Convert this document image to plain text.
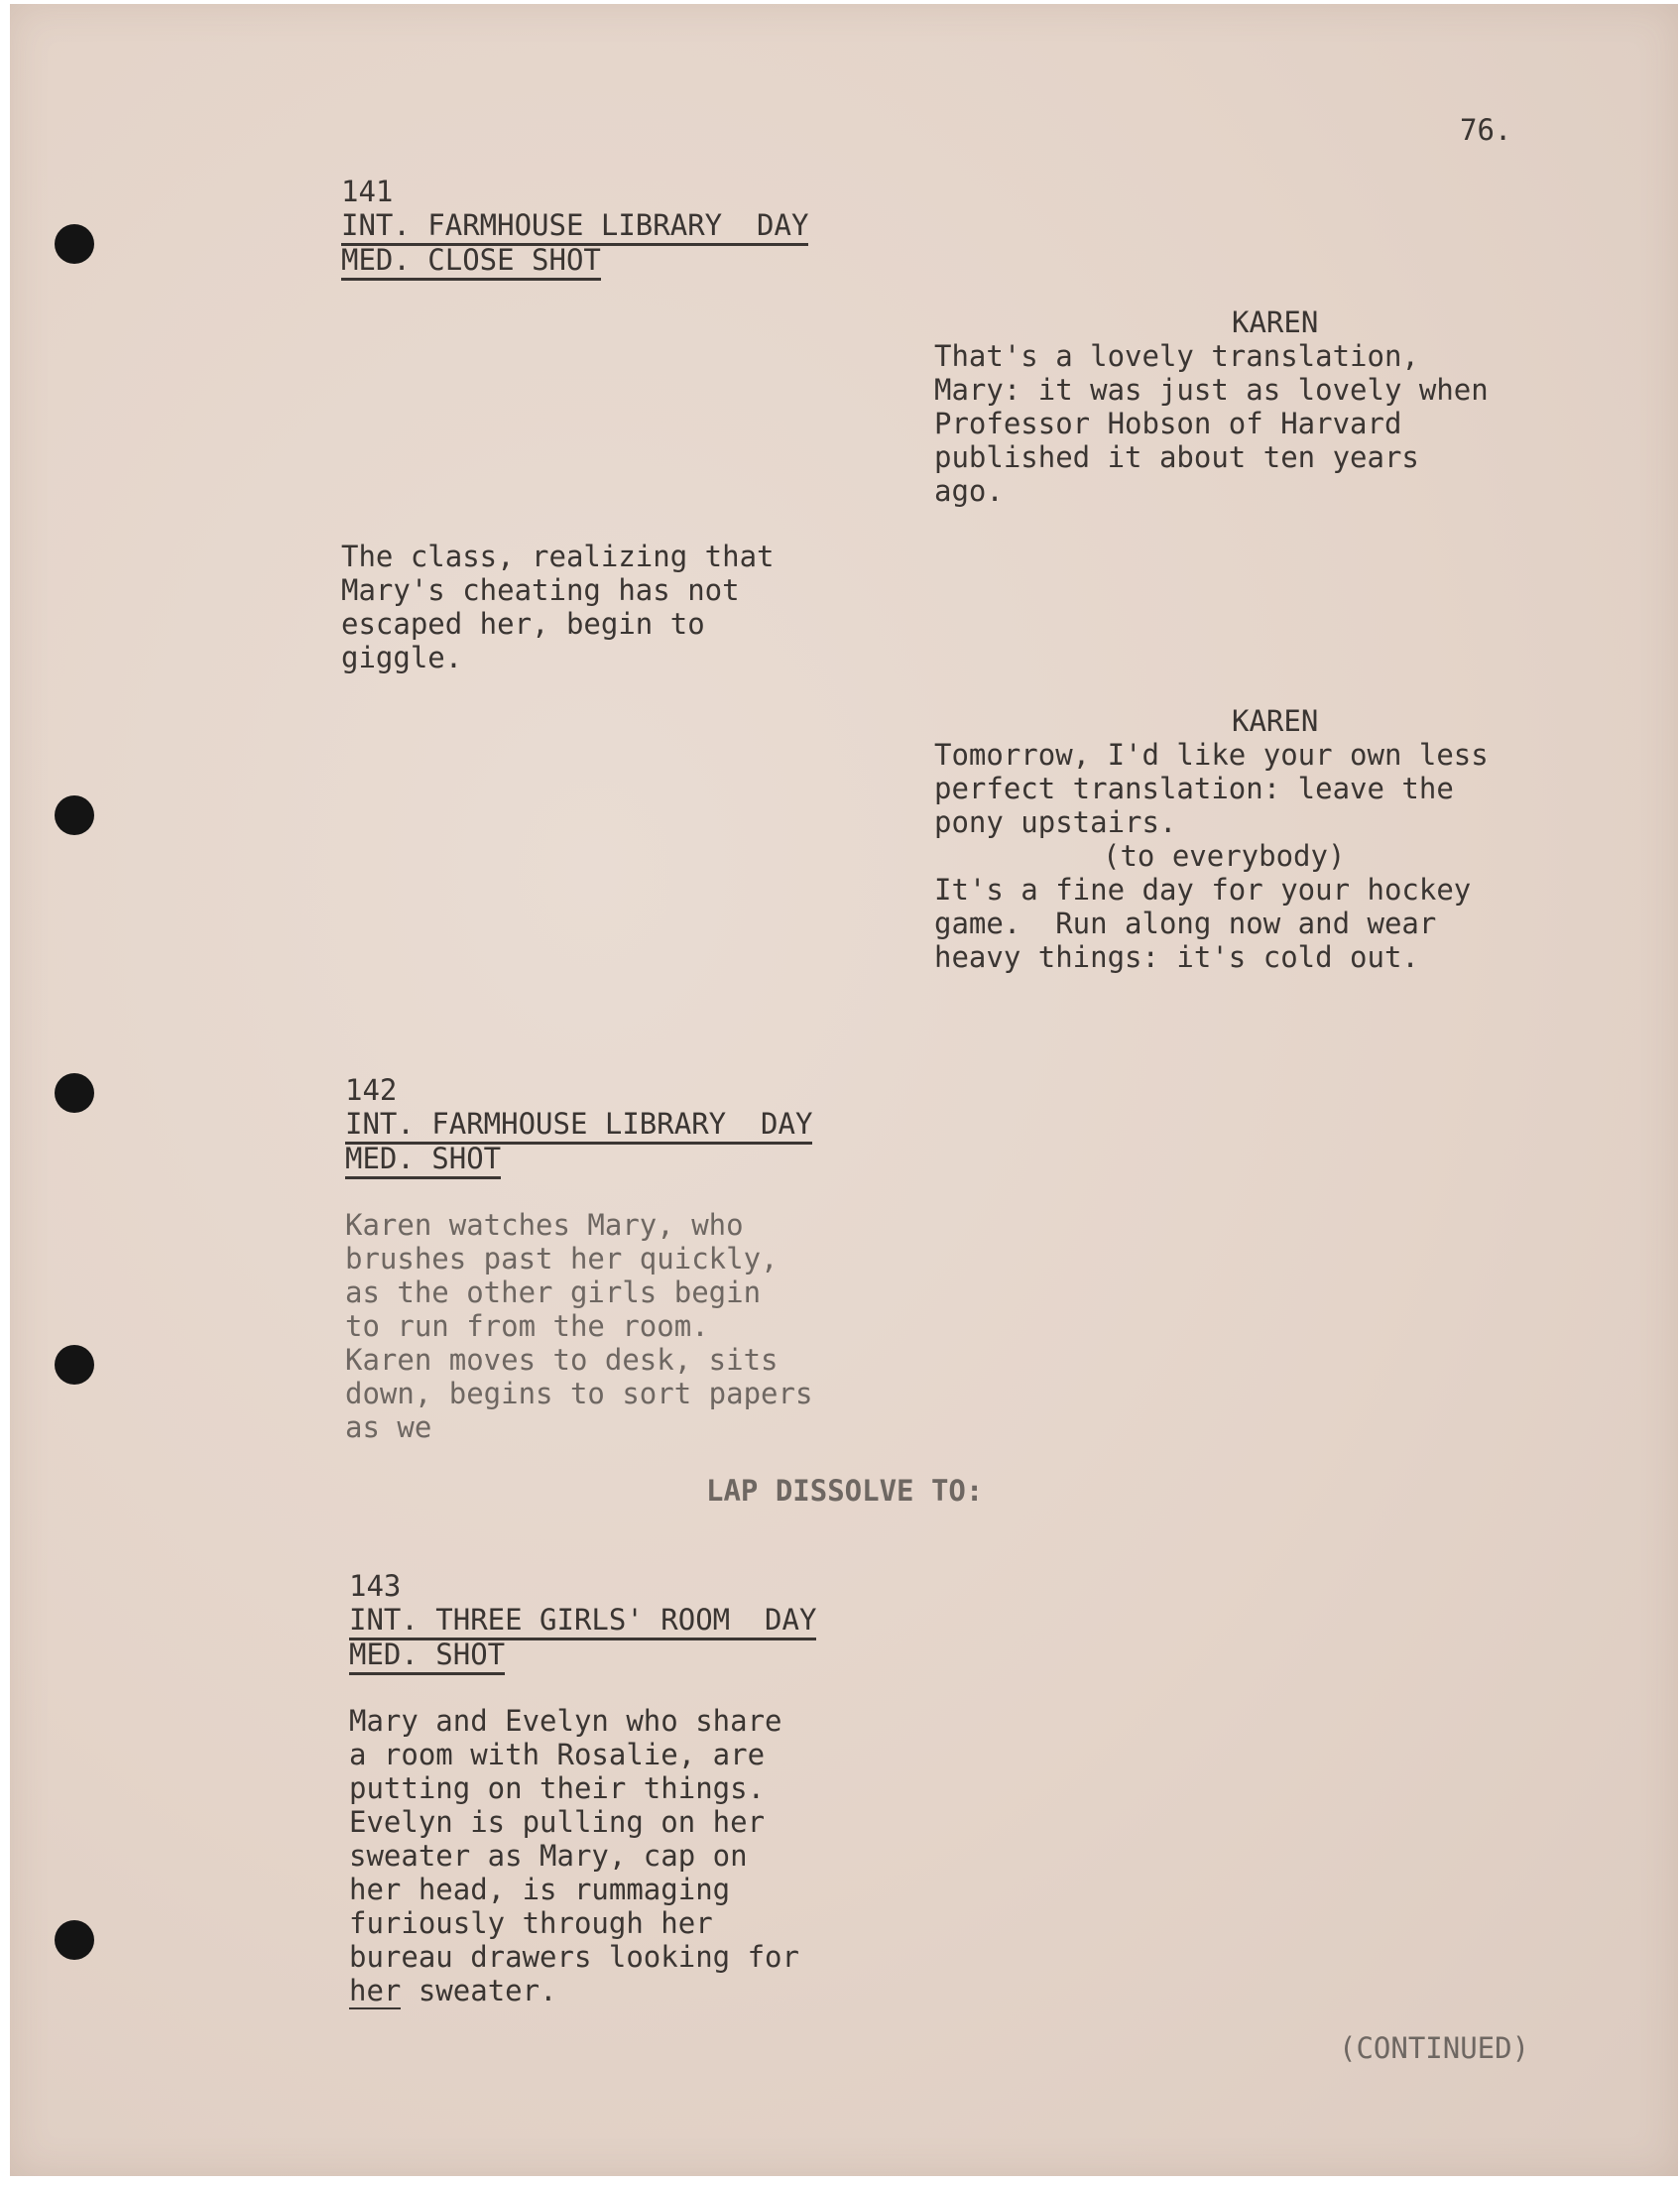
76.
141
INT. FARMHOUSE LIBRARY  DAY
MED. CLOSE SHOT
KAREN

That's a lovely translation,

Mary: it was just as lovely when

Professor Hobson of Harvard

published it about ten years

ago.

The class, realizing that

Mary's cheating has not

escaped her, begin to

giggle.

KAREN

Tomorrow, I'd like your own less

perfect translation: leave the

pony upstairs.

(to everybody)

It's a fine day for your hockey

game.  Run along now and wear

heavy things: it's cold out.

142
INT. FARMHOUSE LIBRARY  DAY
MED. SHOT

Karen watches Mary, who

brushes past her quickly,

as the other girls begin

to run from the room.

Karen moves to desk, sits

down, begins to sort papers

as we

LAP DISSOLVE TO:
143
INT. THREE GIRLS' ROOM  DAY
MED. SHOT

Mary and Evelyn who share

a room with Rosalie, are

putting on their things.

Evelyn is pulling on her

sweater as Mary, cap on

her head, is rummaging

furiously through her

bureau drawers looking for

her sweater.

(CONTINUED)
